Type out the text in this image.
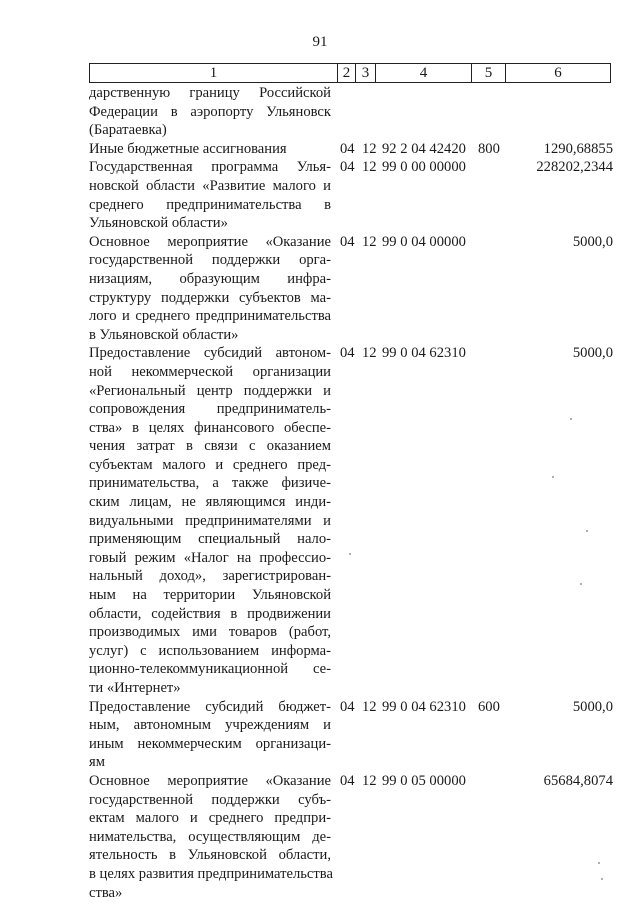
91
1	2 3	4	5	6
дарственную границу Российской
Федерации в аэропорту Ульяновск
(Баратаевка)
Иные бюджетные ассигнования	04 12 92 2 04 42420 800	1290,68855
Государственная программа Улья-
новской области «Развитие малого и
среднего предпринимательства в
Ульяновской области»
04 12 99 0 00 00000	228202,2344
Основное мероприятие «Оказание
государственной поддержки орга-
низациям, образующим инфра-
структуру поддержки субъектов ма-
лого и среднего предпринимательства
в Ульяновской области»
04 12 99 0 04 00000	5000,0
Предоставление субсидий автоном-
ной некоммерческой организации
«Региональный центр поддержки и
сопровождения предприниматель-
ства» в целях финансового обеспе-
чения затрат в связи с оказанием
субъектам малого и среднего пред-
принимательства, а также физиче-
ским лицам, не являющимся инди-
видуальными предпринимателями и
применяющим специальный нало-
говый режим «Налог на профессио-
нальный доход», зарегистрирован-
ным на территории Ульяновской
области, содействия в продвижении
производимых ими товаров (работ,
услуг) с использованием информа-
ционно-телекоммуникационной се-
ти «Интернет»
04 12 99 0 04 62310	5000,0
Предоставление субсидий бюджет-
ным, автономным учреждениям и
иным некоммерческим организаци-
ям
04 12 99 0 04 62310 600	5000,0
Основное мероприятие «Оказание
государственной поддержки субъ-
ектам малого и среднего предпри-
нимательства, осуществляющим де-
ятельность в Ульяновской области,
в целях развития предпринимательства
ства»
04 12 99 0 05 00000	65684,8074
